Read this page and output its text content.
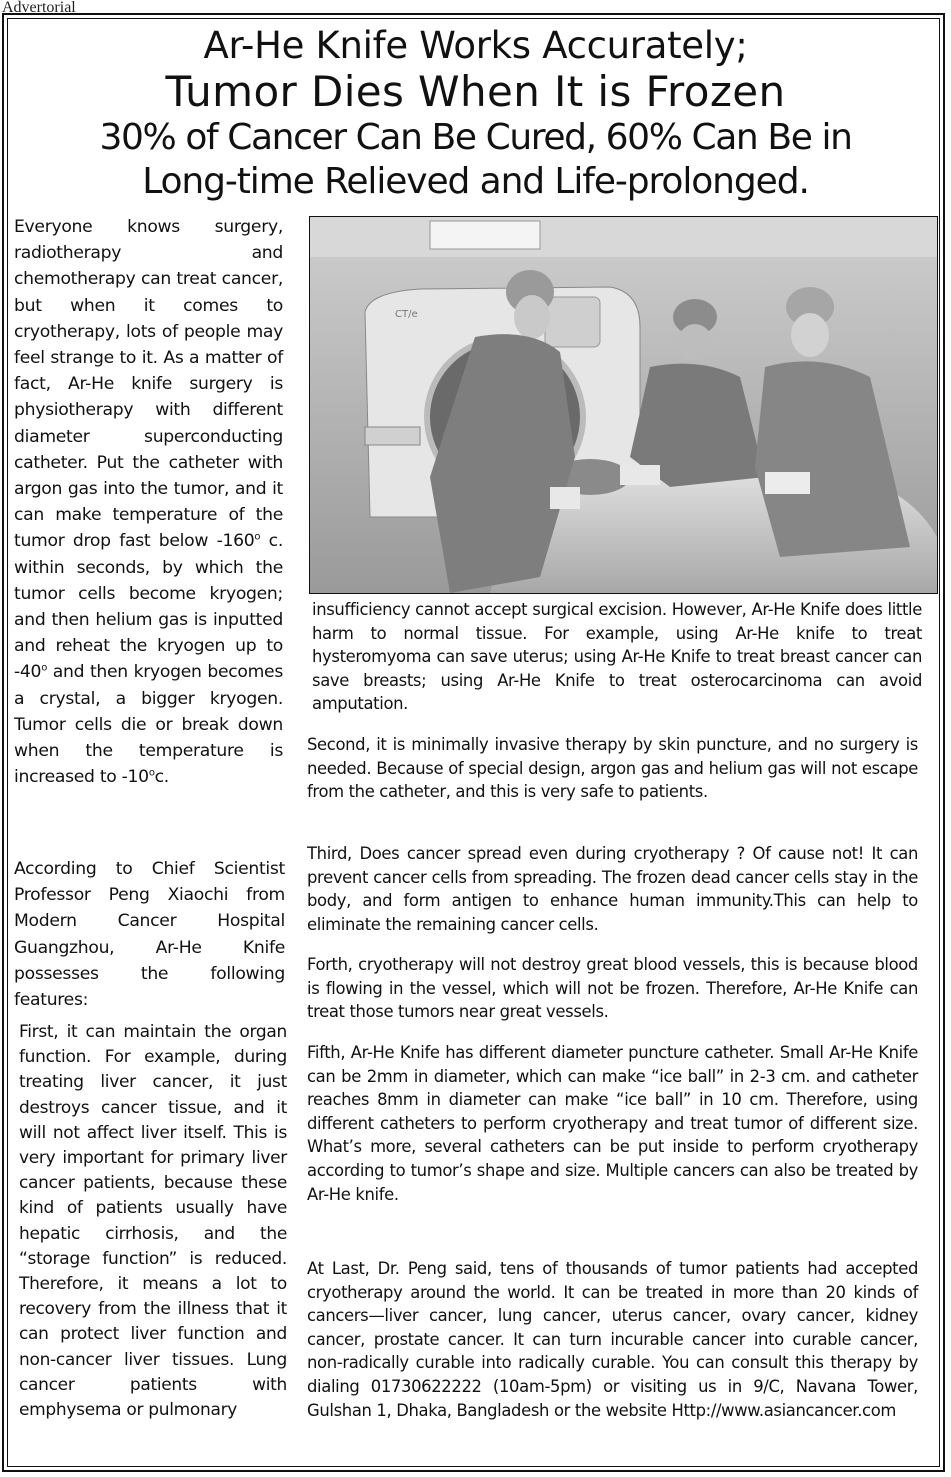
Advertorial
Ar-He Knife Works Accurately;
Tumor Dies When It is Frozen
30% of Cancer Can Be Cured, 60% Can Be in
Long-time Relieved and Life-prolonged.

Everyone knows surgery, radiotherapy and chemotherapy can treat cancer, but when it comes to cryotherapy, lots of people may feel strange to it. As a matter of fact, Ar-He knife surgery is physiotherapy with different diameter superconducting catheter. Put the catheter with argon gas into the tumor, and it can make temperature of the tumor drop fast below -160$^o$ c. within seconds, by which the tumor cells become kryogen; and then helium gas is inputted and reheat the kryogen up to -40$^o$ and then kryogen becomes a crystal, a bigger kryogen. Tumor cells die or break down when the temperature is increased to -10$^o$c.

According to Chief Scientist Professor Peng Xiaochi from Modern Cancer Hospital Guangzhou, Ar-He Knife possesses the following features:

First, it can maintain the organ function. For example, during treating liver cancer, it just destroys cancer tissue, and it will not affect liver itself. This is very important for primary liver cancer patients, because these kind of patients usually have hepatic cirrhosis, and the “storage function” is reduced. Therefore, it means a lot to recovery from the illness that it can protect liver function and non-cancer liver tissues. Lung cancer patients with emphysema or pulmonary

CT/e

insufficiency cannot accept surgical excision. However, Ar-He Knife does little harm to normal tissue. For example, using Ar-He knife to treat hysteromyoma can save uterus; using Ar-He Knife to treat breast cancer can save breasts; using Ar-He Knife to treat osterocarcinoma can avoid amputation.

Second, it is minimally invasive therapy by skin puncture, and no surgery is needed. Because of special design, argon gas and helium gas will not escape from the catheter, and this is very safe to patients.

Third, Does cancer spread even during cryotherapy ? Of cause not! It can prevent cancer cells from spreading. The frozen dead cancer cells stay in the body, and form antigen to enhance human immunity.This can help to eliminate the remaining cancer cells.

Forth, cryotherapy will not destroy great blood vessels, this is because blood is flowing in the vessel, which will not be frozen. Therefore, Ar-He Knife can treat those tumors near great vessels.

Fifth, Ar-He Knife has different diameter puncture catheter. Small Ar-He Knife can be 2mm in diameter, which can make “ice ball” in 2-3 cm. and catheter reaches 8mm in diameter can make “ice ball” in 10 cm. Therefore, using different catheters to perform cryotherapy and treat tumor of different size. What’s more, several catheters can be put inside to perform cryotherapy according to tumor’s shape and size. Multiple cancers can also be treated by Ar-He knife.

At Last, Dr. Peng said, tens of thousands of tumor patients had accepted cryotherapy around the world. It can be treated in more than 20 kinds of cancers—liver cancer, lung cancer, uterus cancer, ovary cancer, kidney cancer, prostate cancer. It can turn incurable cancer into curable cancer, non-radically curable into radically curable. You can consult this therapy by dialing 01730622222 (10am-5pm) or visiting us in 9/C, Navana Tower, Gulshan 1, Dhaka, Bangladesh or the website Http://www.asiancancer.com
